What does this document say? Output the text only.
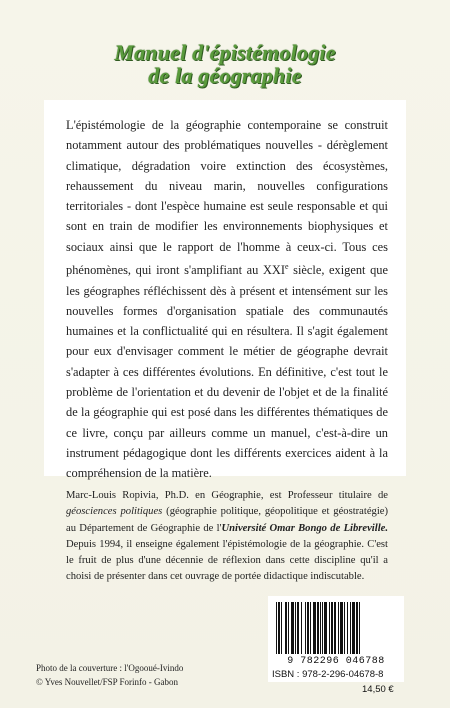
Manuel d'épistémologie
de la géographie

L'épistémologie de la géographie contemporaine se construit notamment autour des problématiques nouvelles - dérèglement climatique, dégradation voire extinction des écosystèmes, rehaussement du niveau marin, nouvelles configurations territoriales - dont l'espèce humaine est seule responsable et qui sont en train de modifier les environnements biophysiques et sociaux ainsi que le rapport de l'homme à ceux-ci. Tous ces phénomènes, qui iront s'amplifiant au XXIe siècle, exigent que les géographes réfléchissent dès à présent et intensément sur les nouvelles formes d'organisation spatiale des communautés humaines et la conflictualité qui en résultera. Il s'agit également pour eux d'envisager comment le métier de géographe devrait s'adapter à ces différentes évolutions. En définitive, c'est tout le problème de l'orientation et du devenir de l'objet et de la finalité de la géographie qui est posé dans les différentes thématiques de ce livre, conçu par ailleurs comme un manuel, c'est-à-dire un instrument pédagogique dont les différents exercices aident à la compréhension de la matière.

Marc-Louis Ropivia, Ph.D. en Géographie, est Professeur titulaire de géosciences politiques (géographie politique, géopolitique et géostratégie) au Département de Géographie de l'Université Omar Bongo de Libreville. Depuis 1994, il enseigne également l'épistémologie de la géographie. C'est le fruit de plus d'une décennie de réflexion dans cette discipline qu'il a choisi de présenter dans cet ouvrage de portée didactique indiscutable.

9 782296 046788
ISBN : 978-2-296-04678-8
14,50 €
Photo de la couverture : l'Ogooué-Ivindo
© Yves Nouvellet/FSP Forinfo - Gabon
